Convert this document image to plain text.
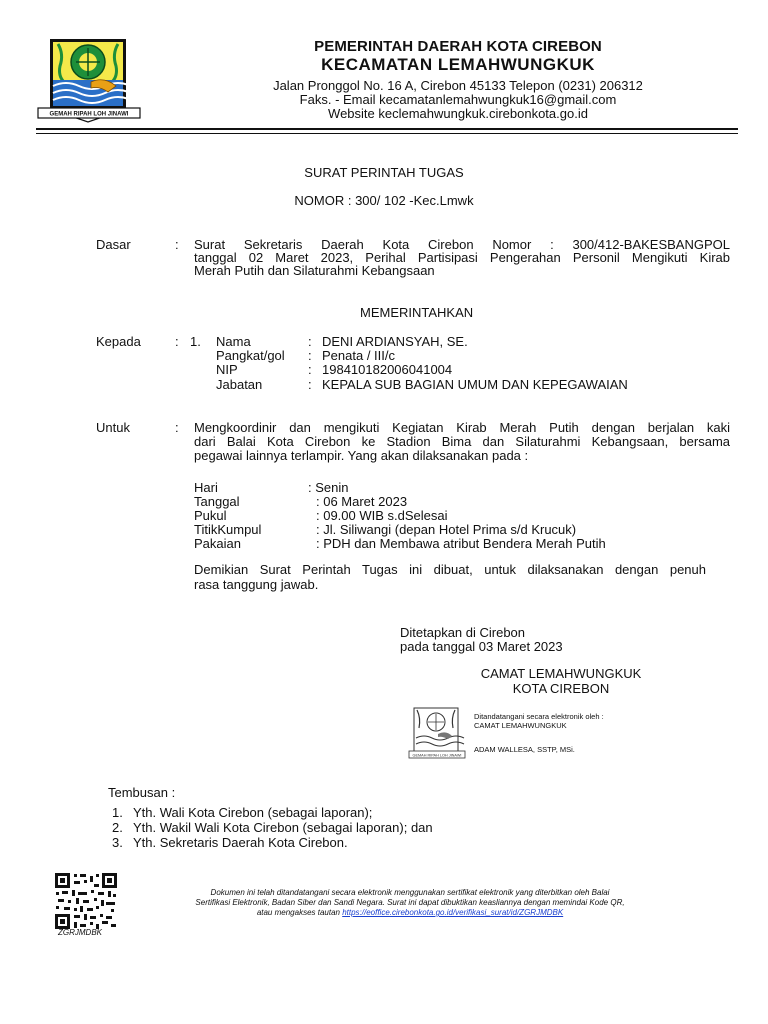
GEMAH RIPAH LOH JINAWI
PEMERINTAH DAERAH KOTA CIREBON
KECAMATAN LEMAHWUNGKUK
Jalan Pronggol No. 16 A, Cirebon 45133 Telepon (0231) 206312
Faks. - Email kecamatanlemahwungkuk16@gmail.com
Website keclemahwungkuk.cirebonkota.go.id
SURAT PERINTAH TUGAS
NOMOR : 300/ 102 -Kec.Lmwk
Dasar	: Surat Sekretaris Daerah Kota Cirebon Nomor : 300/412-BAKESBANGPOL
tanggal 02 Maret 2023, Perihal Partisipasi Pengerahan Personil Mengikuti Kirab
Merah Putih dan Silaturahmi Kebangsaan
MEMERINTAHKAN
Kepada	: 1. Nama	: DENI ARDIANSYAH, SE.
Pangkat/gol : Penata / III/c
NIP	: 198410182006041004
Jabatan	: KEPALA SUB BAGIAN UMUM DAN KEPEGAWAIAN
Untuk	: Mengkoordinir dan mengikuti Kegiatan Kirab Merah Putih dengan berjalan kaki
dari Balai Kota Cirebon ke Stadion Bima dan Silaturahmi Kebangsaan, bersama
pegawai lainnya terlampir. Yang akan dilaksanakan pada :
Hari	: Senin
Tanggal	: 06 Maret 2023
Pukul	: 09.00 WIB s.dSelesai
TitikKumpul	: Jl. Siliwangi (depan Hotel Prima s/d Krucuk)
Pakaian	: PDH dan Membawa atribut Bendera Merah Putih
Demikian Surat Perintah Tugas ini dibuat, untuk dilaksanakan dengan penuh
rasa tanggung jawab.
Ditetapkan di Cirebon
pada tanggal 03 Maret 2023
CAMAT LEMAHWUNGKUK
KOTA CIREBON
GEMAH RIPAH LOH JINAWI
Ditandatangani secara elektronik oleh :
CAMAT LEMAHWUNGKUK
ADAM WALLESA, SSTP, MSi.
Tembusan :
1. Yth. Wali Kota Cirebon (sebagai laporan);
2. Yth. Wakil Wali Kota Cirebon (sebagai laporan); dan
3. Yth. Sekretaris Daerah Kota Cirebon.
ZGRJMDBK
Dokumen ini telah ditandatangani secara elektronik menggunakan sertifikat elektronik yang diterbitkan oleh Balai
Sertifikasi Elektronik, Badan Siber dan Sandi Negara. Surat ini dapat dibuktikan keasliannya dengan memindai Kode QR,
atau mengakses tautan https://eoffice.cirebonkota.go.id/verifikasi_surat/id/ZGRJMDBK
